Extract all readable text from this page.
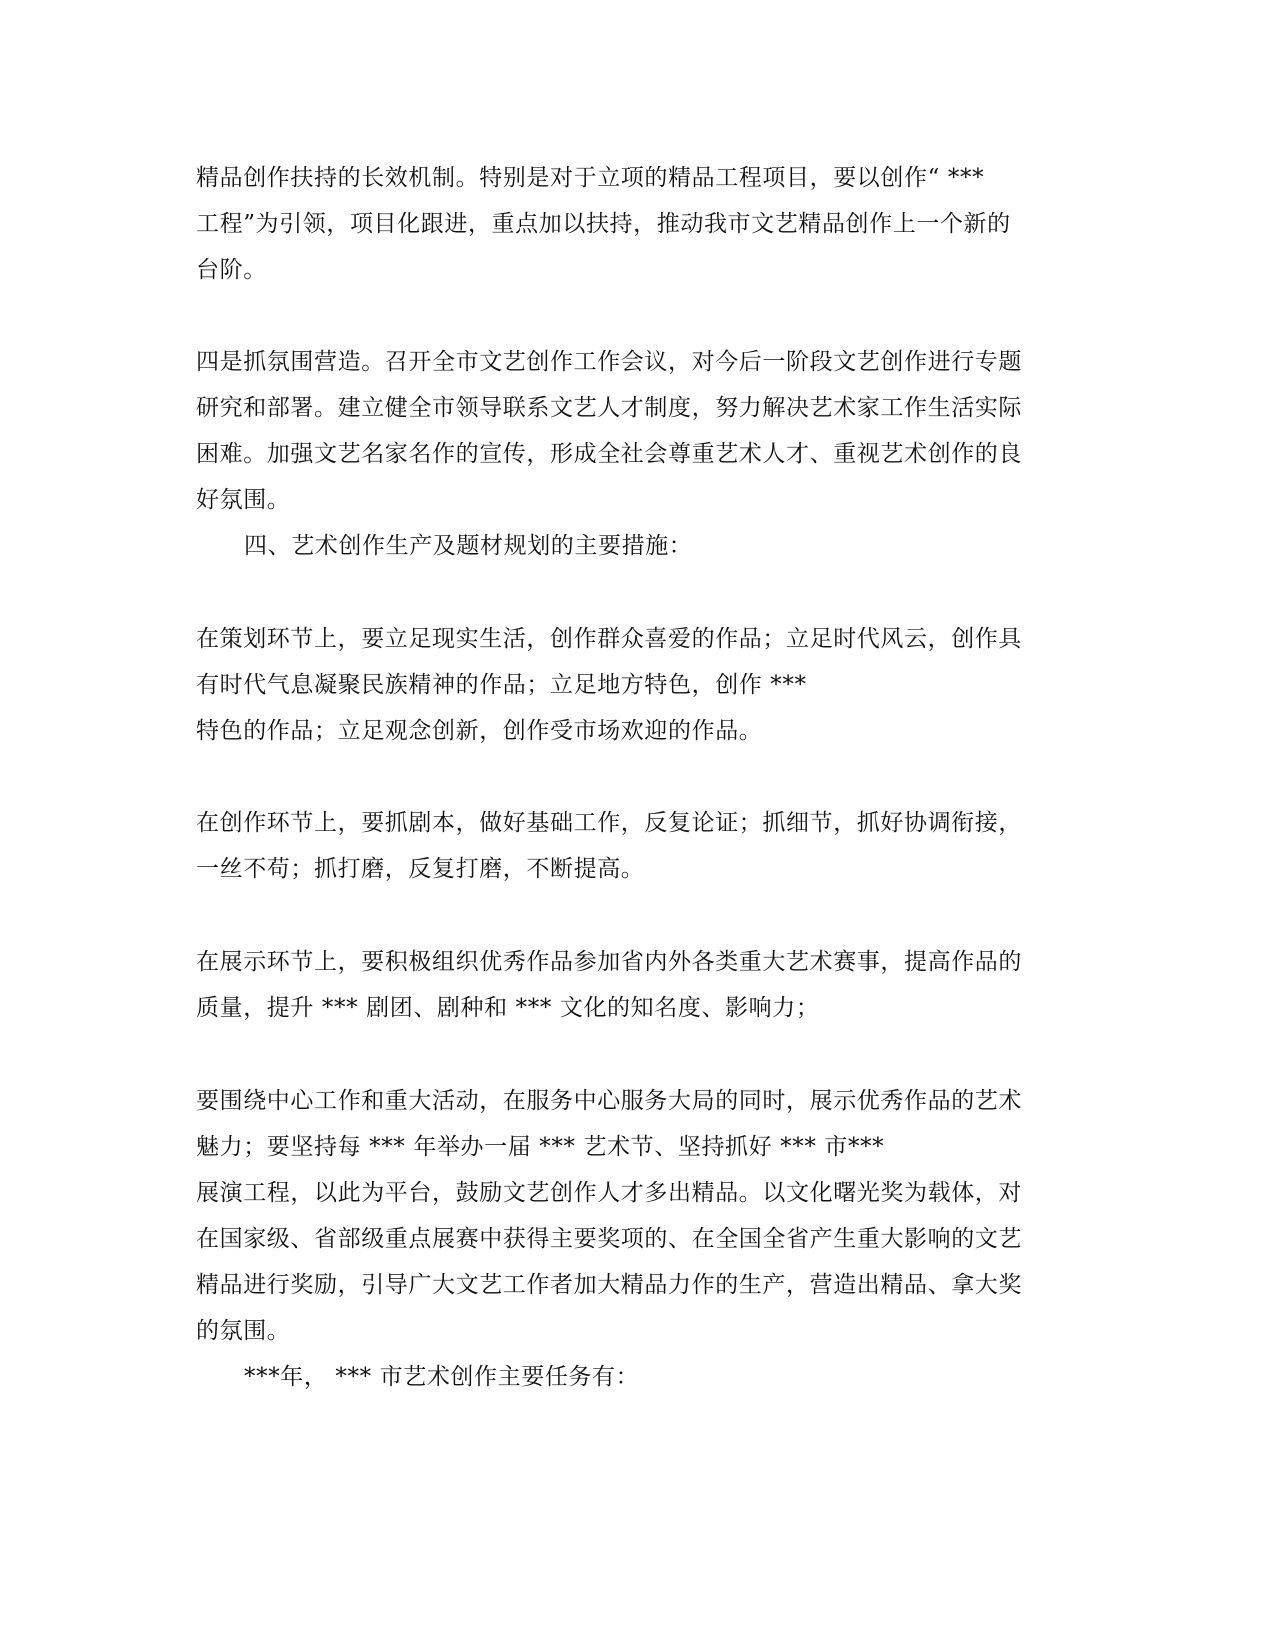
精品创作扶持的长效机制。特别是对于立项的精品工程项目，要以创作“ ***
工程”为引领，项目化跟进，重点加以扶持，推动我市文艺精品创作上一个新的
台阶。
四是抓氛围营造。召开全市文艺创作工作会议，对今后一阶段文艺创作进行专题
研究和部署。建立健全市领导联系文艺人才制度，努力解决艺术家工作生活实际
困难。加强文艺名家名作的宣传，形成全社会尊重艺术人才、重视艺术创作的良
好氛围。
四、艺术创作生产及题材规划的主要措施：
在策划环节上，要立足现实生活，创作群众喜爱的作品；立足时代风云，创作具
有时代气息凝聚民族精神的作品；立足地方特色，创作 ***
特色的作品；立足观念创新，创作受市场欢迎的作品。
在创作环节上，要抓剧本，做好基础工作，反复论证；抓细节，抓好协调衔接，
一丝不苟；抓打磨，反复打磨，不断提高。
在展示环节上，要积极组织优秀作品参加省内外各类重大艺术赛事，提高作品的
质量，提升 *** 剧团、剧种和 *** 文化的知名度、影响力；
要围绕中心工作和重大活动，在服务中心服务大局的同时，展示优秀作品的艺术
魅力；要坚持每 *** 年举办一届 *** 艺术节、坚持抓好 *** 市***
展演工程，以此为平台，鼓励文艺创作人才多出精品。以文化曙光奖为载体，对
在国家级、省部级重点展赛中获得主要奖项的、在全国全省产生重大影响的文艺
精品进行奖励，引导广大文艺工作者加大精品力作的生产，营造出精品、拿大奖
的氛围。
***年， *** 市艺术创作主要任务有：
